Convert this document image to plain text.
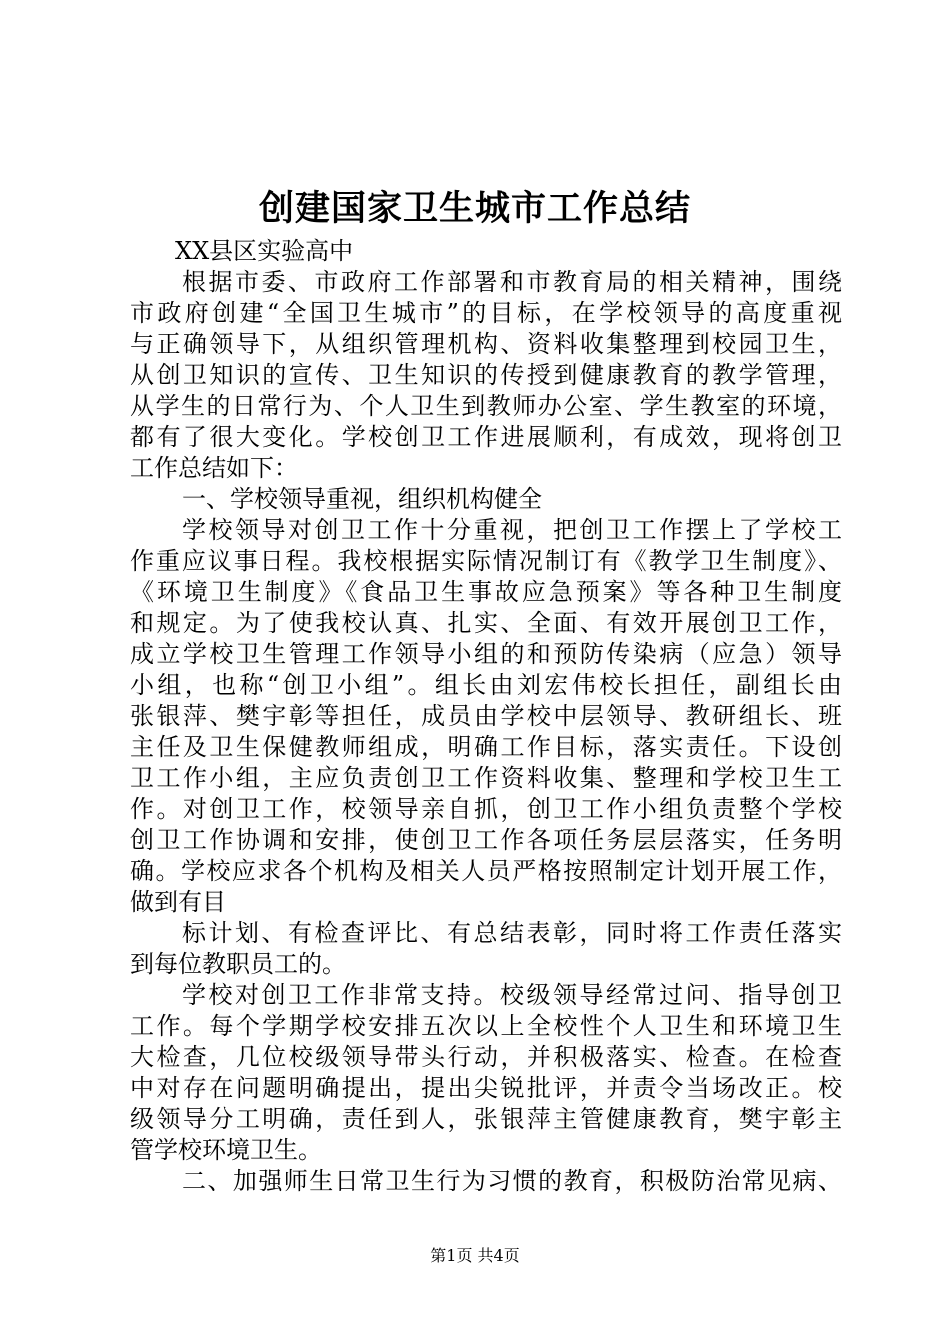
创建国家卫生城市工作总结
XX县区实验高中
根据市委、市政府工作部署和市教育局的相关精神，围绕
市政府创建“全国卫生城市”的目标，在学校领导的高度重视
与正确领导下，从组织管理机构、资料收集整理到校园卫生，
从创卫知识的宣传、卫生知识的传授到健康教育的教学管理，
从学生的日常行为、个人卫生到教师办公室、学生教室的环境，
都有了很大变化。学校创卫工作进展顺利，有成效，现将创卫
工作总结如下：
一、学校领导重视，组织机构健全
学校领导对创卫工作十分重视，把创卫工作摆上了学校工
作重应议事日程。我校根据实际情况制订有《教学卫生制度》、
《环境卫生制度》《食品卫生事故应急预案》等各种卫生制度
和规定。为了使我校认真、扎实、全面、有效开展创卫工作，
成立学校卫生管理工作领导小组的和预防传染病（应急）领导
小组，也称“创卫小组”。组长由刘宏伟校长担任，副组长由
张银萍、樊宇彰等担任，成员由学校中层领导、教研组长、班
主任及卫生保健教师组成，明确工作目标，落实责任。下设创
卫工作小组，主应负责创卫工作资料收集、整理和学校卫生工
作。对创卫工作，校领导亲自抓，创卫工作小组负责整个学校
创卫工作协调和安排，使创卫工作各项任务层层落实，任务明
确。学校应求各个机构及相关人员严格按照制定计划开展工作，
做到有目
标计划、有检查评比、有总结表彰，同时将工作责任落实
到每位教职员工的。
学校对创卫工作非常支持。校级领导经常过问、指导创卫
工作。每个学期学校安排五次以上全校性个人卫生和环境卫生
大检查，几位校级领导带头行动，并积极落实、检查。在检查
中对存在问题明确提出，提出尖锐批评，并责令当场改正。校
级领导分工明确，责任到人，张银萍主管健康教育，樊宇彰主
管学校环境卫生。
二、加强师生日常卫生行为习惯的教育，积极防治常见病、
第1页 共4页
